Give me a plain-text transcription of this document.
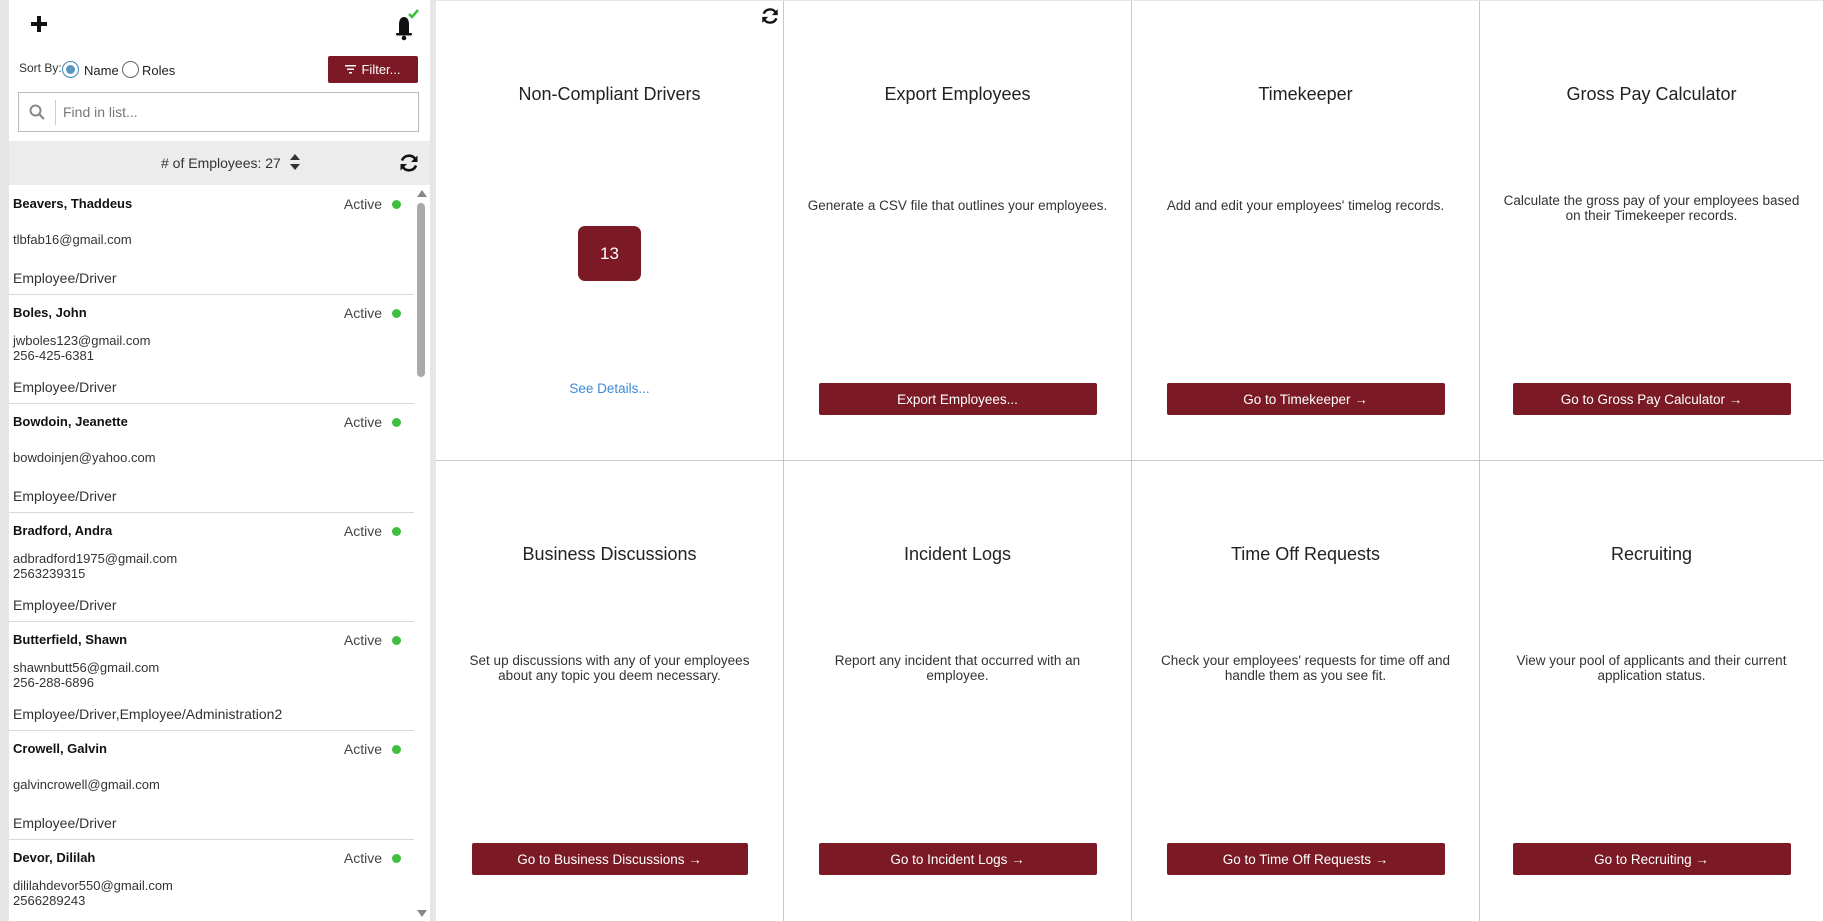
Sort By: Name Roles	Filter...
Find in list...
# of Employees: 27
Beavers, Thaddeus	Active
tlbfab16@gmail.com
Employee/Driver
Boles, John	Active
jwboles123@gmail.com
256-425-6381
Employee/Driver
Bowdoin, Jeanette	Active
bowdoinjen@yahoo.com
Employee/Driver
Bradford, Andra	Active
adbradford1975@gmail.com
2563239315
Employee/Driver
Butterfield, Shawn	Active
shawnbutt56@gmail.com
256-288-6896
Employee/Driver,Employee/Administration2
Crowell, Galvin	Active
galvincrowell@gmail.com
Employee/Driver
Devor, Dililah	Active
dililahdevor550@gmail.com
2566289243
Non-Compliant Drivers
13
See Details...
Export Employees
Generate a CSV file that outlines your employees.
Export Employees...
Timekeeper
Add and edit your employees' timelog records.
Go to Timekeeper →
Gross Pay Calculator
Calculate the gross pay of your employees based on their Timekeeper records.
Go to Gross Pay Calculator →
Business Discussions
Set up discussions with any of your employees about any topic you deem necessary.
Go to Business Discussions →
Incident Logs
Report any incident that occurred with an employee.
Go to Incident Logs →
Time Off Requests
Check your employees' requests for time off and handle them as you see fit.
Go to Time Off Requests →
Recruiting
View your pool of applicants and their current application status.
Go to Recruiting →
